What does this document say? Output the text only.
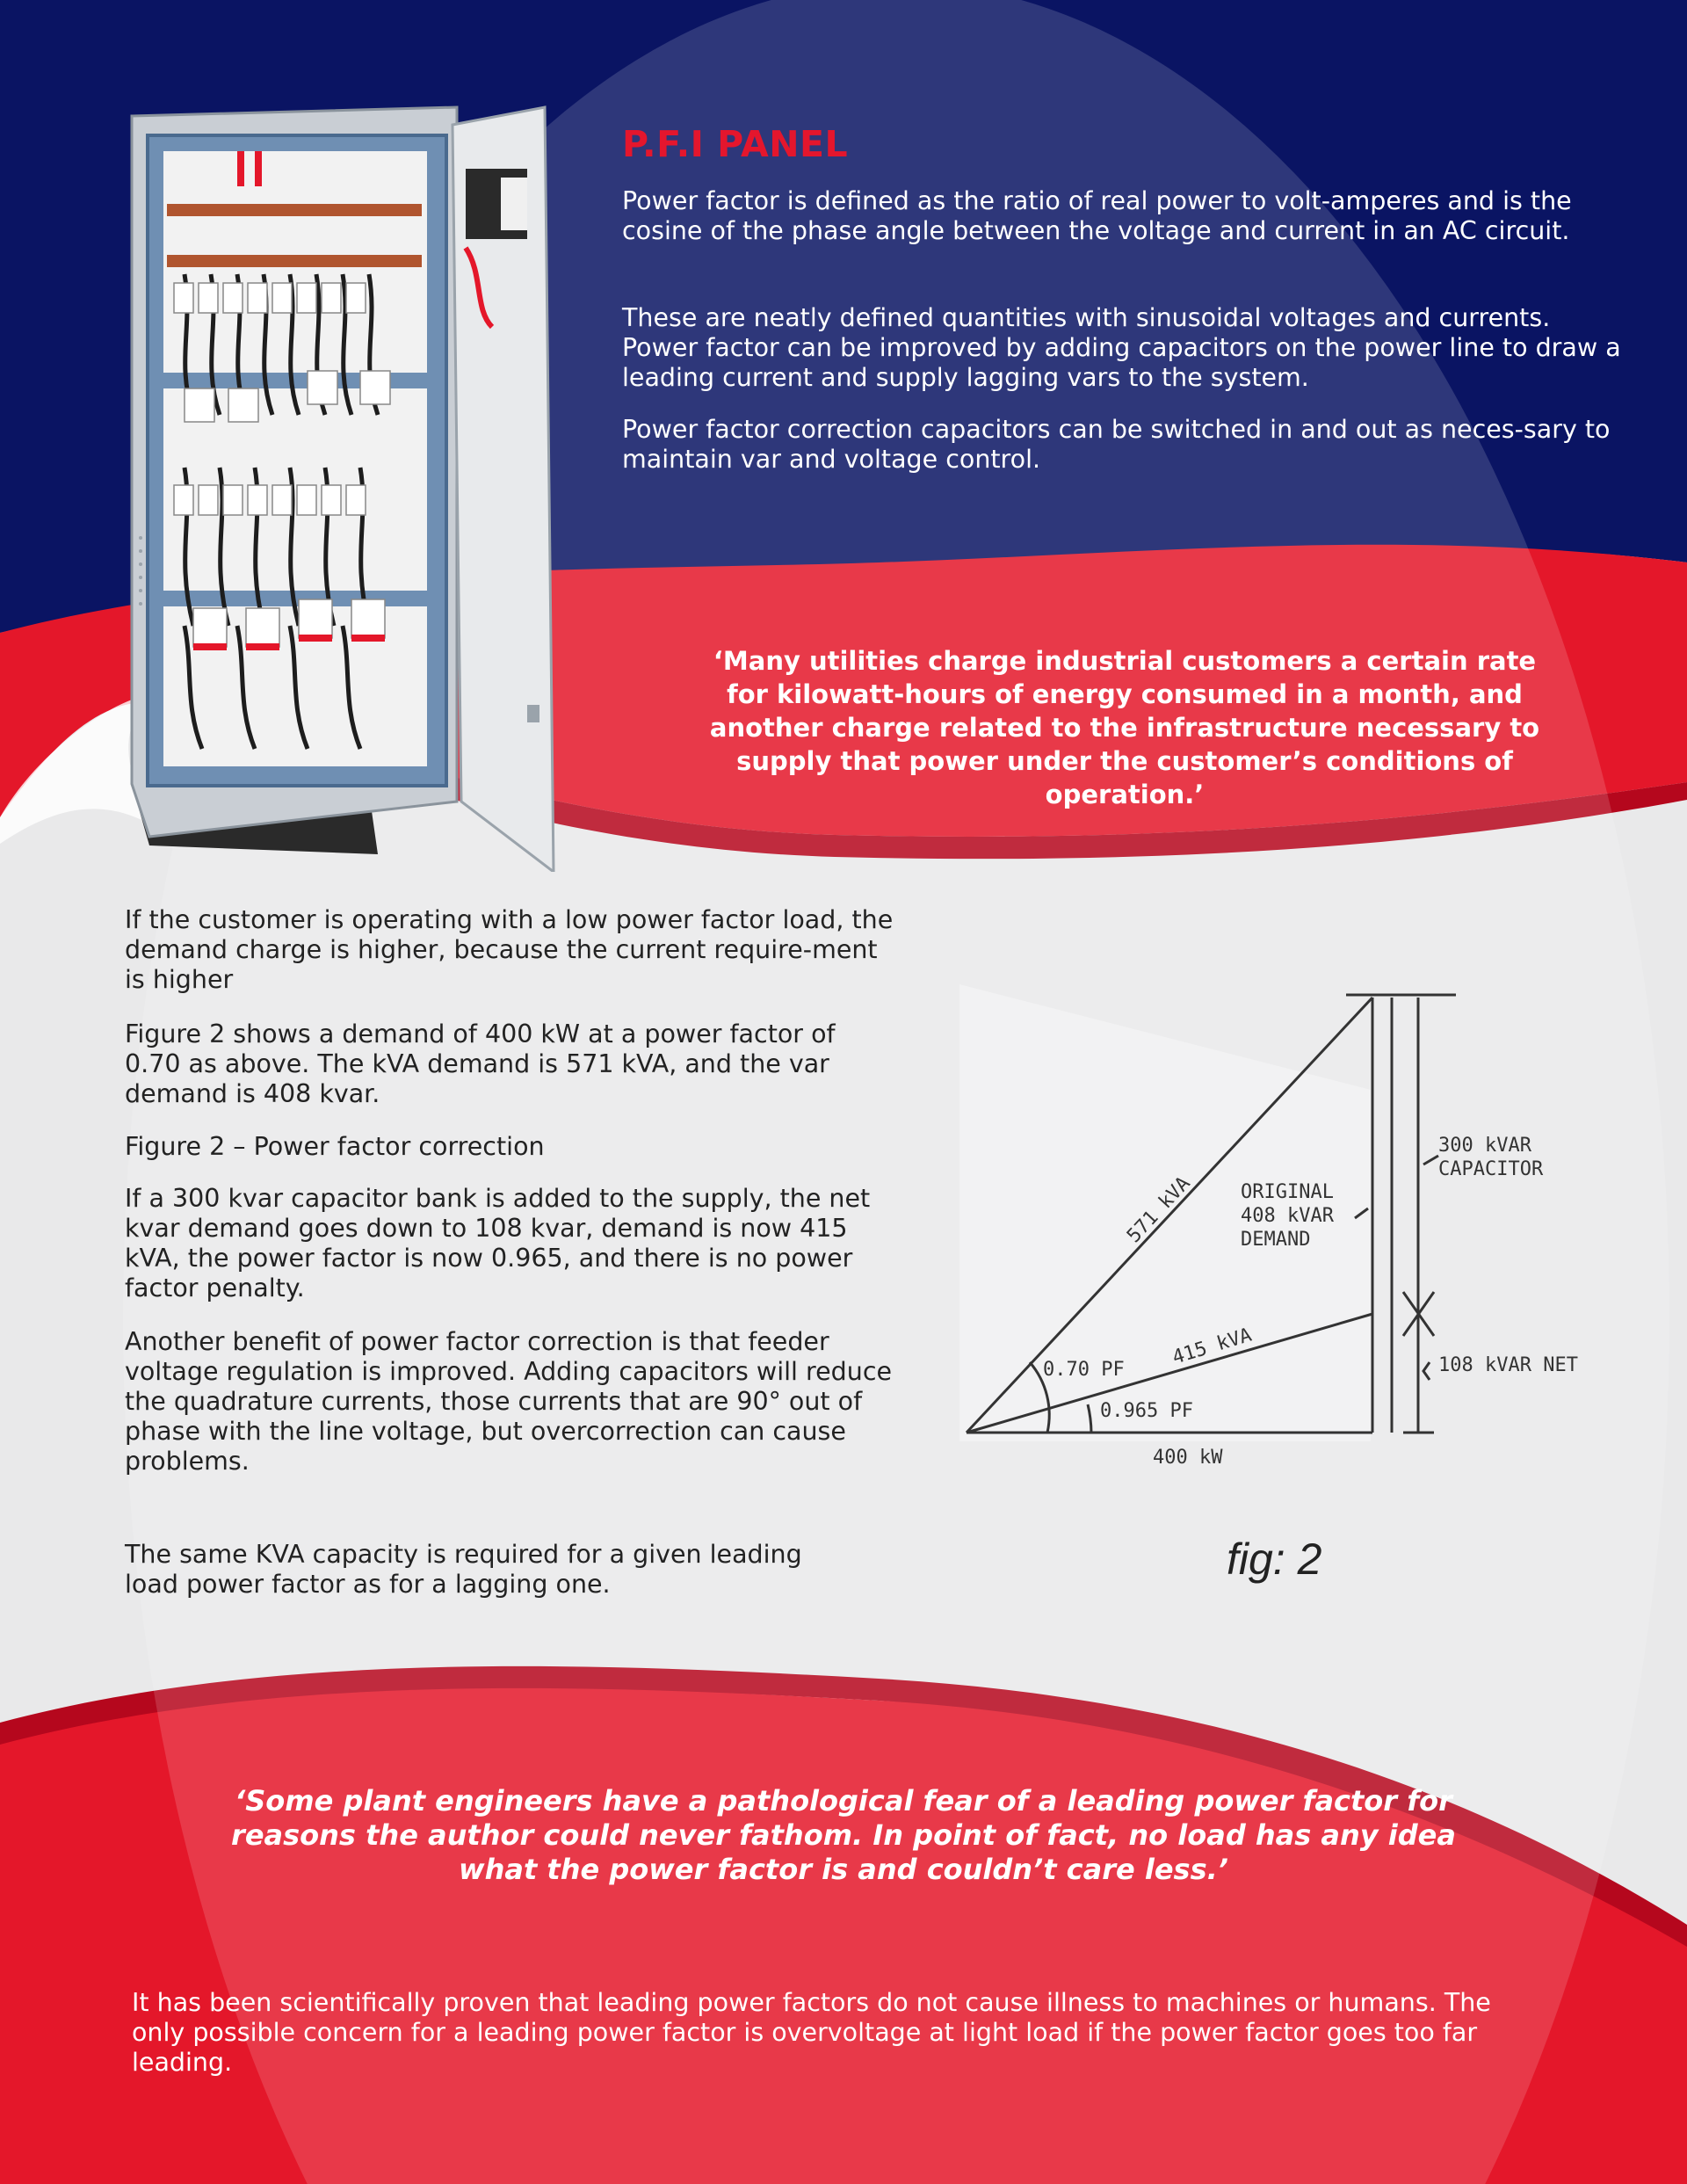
P.F.I PANEL
Power factor is defined as the ratio of real power to volt-amperes and is the cosine of the phase angle between the voltage and current in an AC circuit.
These are neatly defined quantities with sinusoidal voltages and currents. Power factor can be improved by adding capacitors on the power line to draw a leading current and supply lagging vars to the system.
Power factor correction capacitors can be switched in and out as neces-sary to maintain var and voltage control.
‘Many utilities charge industrial customers a certain rate for kilowatt-hours of energy consumed in a month, and another charge related to the infrastructure necessary to supply that power under the customer’s conditions of operation.’
If the customer is operating with a low power factor load, the demand charge is higher, because the current require-ment is higher
Figure 2 shows a demand of 400 kW at a power factor of 0.70 as above. The kVA demand is 571 kVA, and the var demand is 408 kvar.
Figure 2 – Power factor correction
If a 300 kvar capacitor bank is added to the supply, the net kvar demand goes down to 108 kvar, demand is now 415 kVA, the power factor is now 0.965, and there is no power factor penalty.
Another benefit of power factor correction is that feeder voltage regulation is improved. Adding capacitors will reduce the quadrature currents, those currents that are 90° out of phase with the line voltage, but overcorrection can cause problems.
The same KVA capacity is required for a given leading load power factor as for a lagging one.
571 kVA ORIGINAL
408 kVAR
DEMAND
300 kVAR
CAPACITOR
415 kVA
0.70 PF
0.965 PF
108 kVAR NET
400 kW
fig: 2
‘Some plant engineers have a pathological fear of a leading power factor for reasons the author could never fathom. In point of fact, no load has any idea what the power factor is and couldn’t care less.’
It has been scientifically proven that leading power factors do not cause illness to machines or humans. The only possible concern for a leading power factor is overvoltage at light load if the power factor goes too far leading.
